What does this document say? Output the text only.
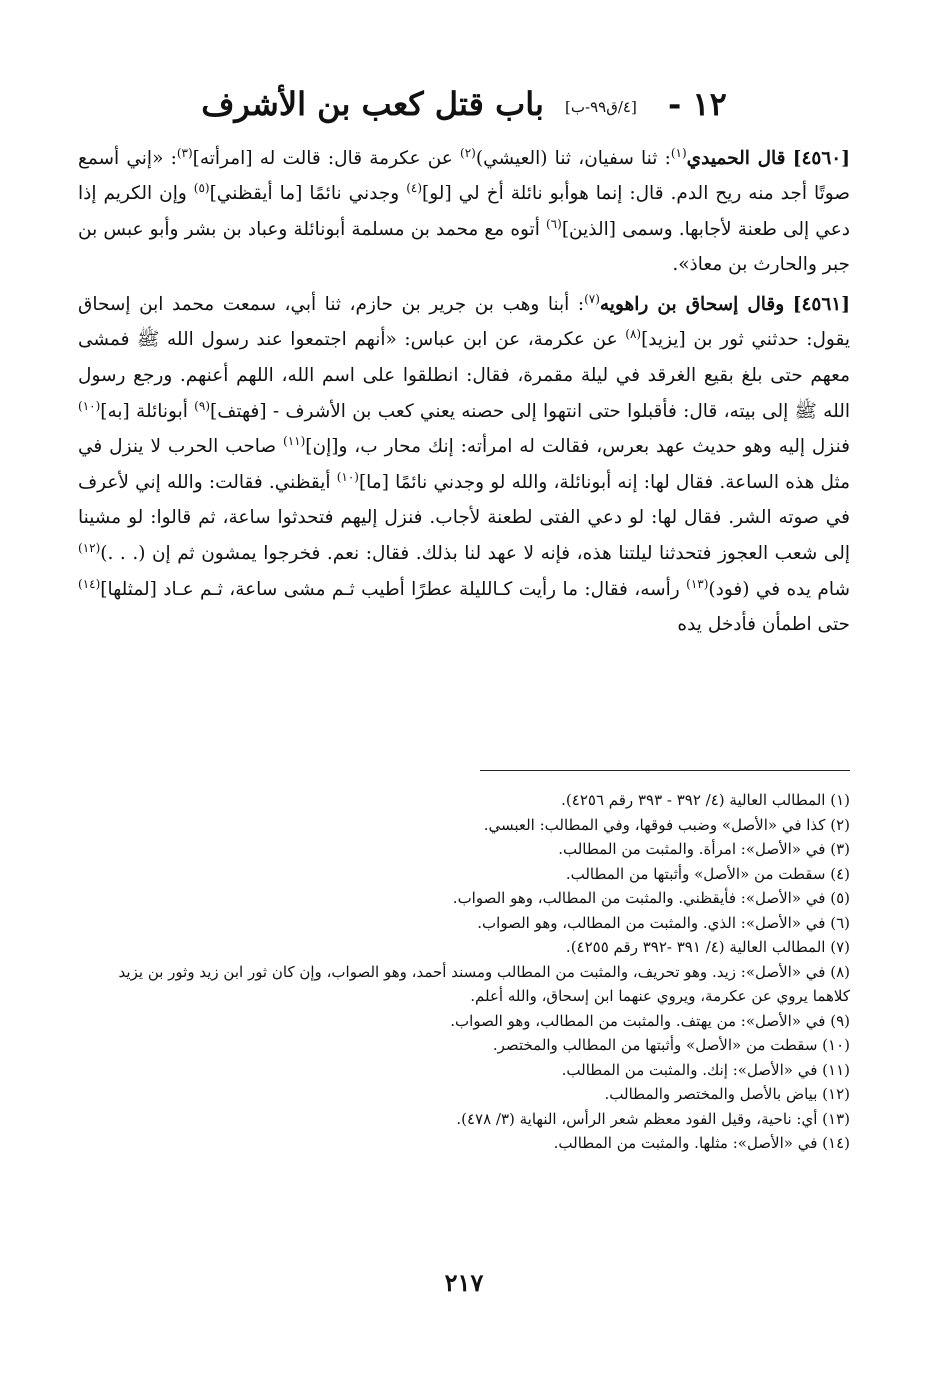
١٢ - [٤/ق٩٩-ب] باب قتل كعب بن الأشرف

[٤٥٦٠] قال الحميدي$^{(١)}$: ثنا سفيان، ثنا (العيشي)$^{(٢)}$ عن عكرمة قال: قالت له [امرأته]$^{(٣)}$: «إني أسمع صوتًا أجد منه ريح الدم. قال: إنما هوأبو نائلة أخ لي [لو]$^{(٤)}$ وجدني نائمًا [ما أيقظني]$^{(٥)}$ وإن الكريم إذا دعي إلى طعنة لأجابها. وسمى [الذين]$^{(٦)}$ أتوه مع محمد بن مسلمة أبونائلة وعباد بن بشر وأبو عبس بن جبر والحارث بن معاذ».

[٤٥٦١] وقال إسحاق بن راهويه$^{(٧)}$: أبنا وهب بن جرير بن حازم، ثنا أبي، سمعت محمد ابن إسحاق يقول: حدثني ثور بن [يزيد]$^{(٨)}$ عن عكرمة، عن ابن عباس: «أنهم اجتمعوا عند رسول الله ﷺ فمشى معهم حتى بلغ بقيع الغرقد في ليلة مقمرة، فقال: انطلقوا على اسم الله، اللهم أعنهم. ورجع رسول الله ﷺ إلى بيته، قال: فأقبلوا حتى انتهوا إلى حصنه يعني كعب بن الأشرف - [فهتف]$^{(٩)}$ أبونائلة [به]$^{(١٠)}$ فنزل إليه وهو حديث عهد بعرس، فقالت له امرأته: إنك محار ب، و[إن]$^{(١١)}$ صاحب الحرب لا ينزل في مثل هذه الساعة. فقال لها: إنه أبونائلة، والله لو وجدني نائمًا [ما]$^{(١٠)}$ أيقظني. فقالت: والله إني لأعرف في صوته الشر. فقال لها: لو دعي الفتى لطعنة لأجاب. فنزل إليهم فتحدثوا ساعة، ثم قالوا: لو مشينا إلى شعب العجوز فتحدثنا ليلتنا هذه، فإنه لا عهد لنا بذلك. فقال: نعم. فخرجوا يمشون ثم إن (. . .)$^{(١٢)}$ شام يده في (فود)$^{(١٣)}$ رأسه، فقال: ما رأيت كـالليلة عطرًا أطيب ثـم مشى ساعة، ثـم عـاد [لمثلها]$^{(١٤)}$ حتى اطمأن فأدخل يده

(١) المطالب العالية (٤/ ٣٩٢ - ٣٩٣ رقم ٤٢٥٦).
(٢) كذا في «الأصل» وضبب فوقها، وفي المطالب: العبسي.
(٣) في «الأصل»: امرأة. والمثبت من المطالب.
(٤) سقطت من «الأصل» وأثبتها من المطالب.
(٥) في «الأصل»: فأيقظني. والمثبت من المطالب، وهو الصواب.
(٦) في «الأصل»: الذي. والمثبت من المطالب، وهو الصواب.
(٧) المطالب العالية (٤/ ٣٩١ -٣٩٢ رقم ٤٢٥٥).
(٨) في «الأصل»: زيد. وهو تحريف، والمثبت من المطالب ومسند أحمد، وهو الصواب، وإن كان ثور ابن زيد وثور بن يزيد كلاهما يروي عن عكرمة، ويروي عنهما ابن إسحاق، والله أعلم.
(٩) في «الأصل»: من يهتف. والمثبت من المطالب، وهو الصواب.
(١٠) سقطت من «الأصل» وأثبتها من المطالب والمختصر.
(١١) في «الأصل»: إنك. والمثبت من المطالب.
(١٢) بياض بالأصل والمختصر والمطالب.
(١٣) أي: ناحية، وقيل الفود معظم شعر الرأس، النهاية (٣/ ٤٧٨).
(١٤) في «الأصل»: مثلها. والمثبت من المطالب.
٢١٧
